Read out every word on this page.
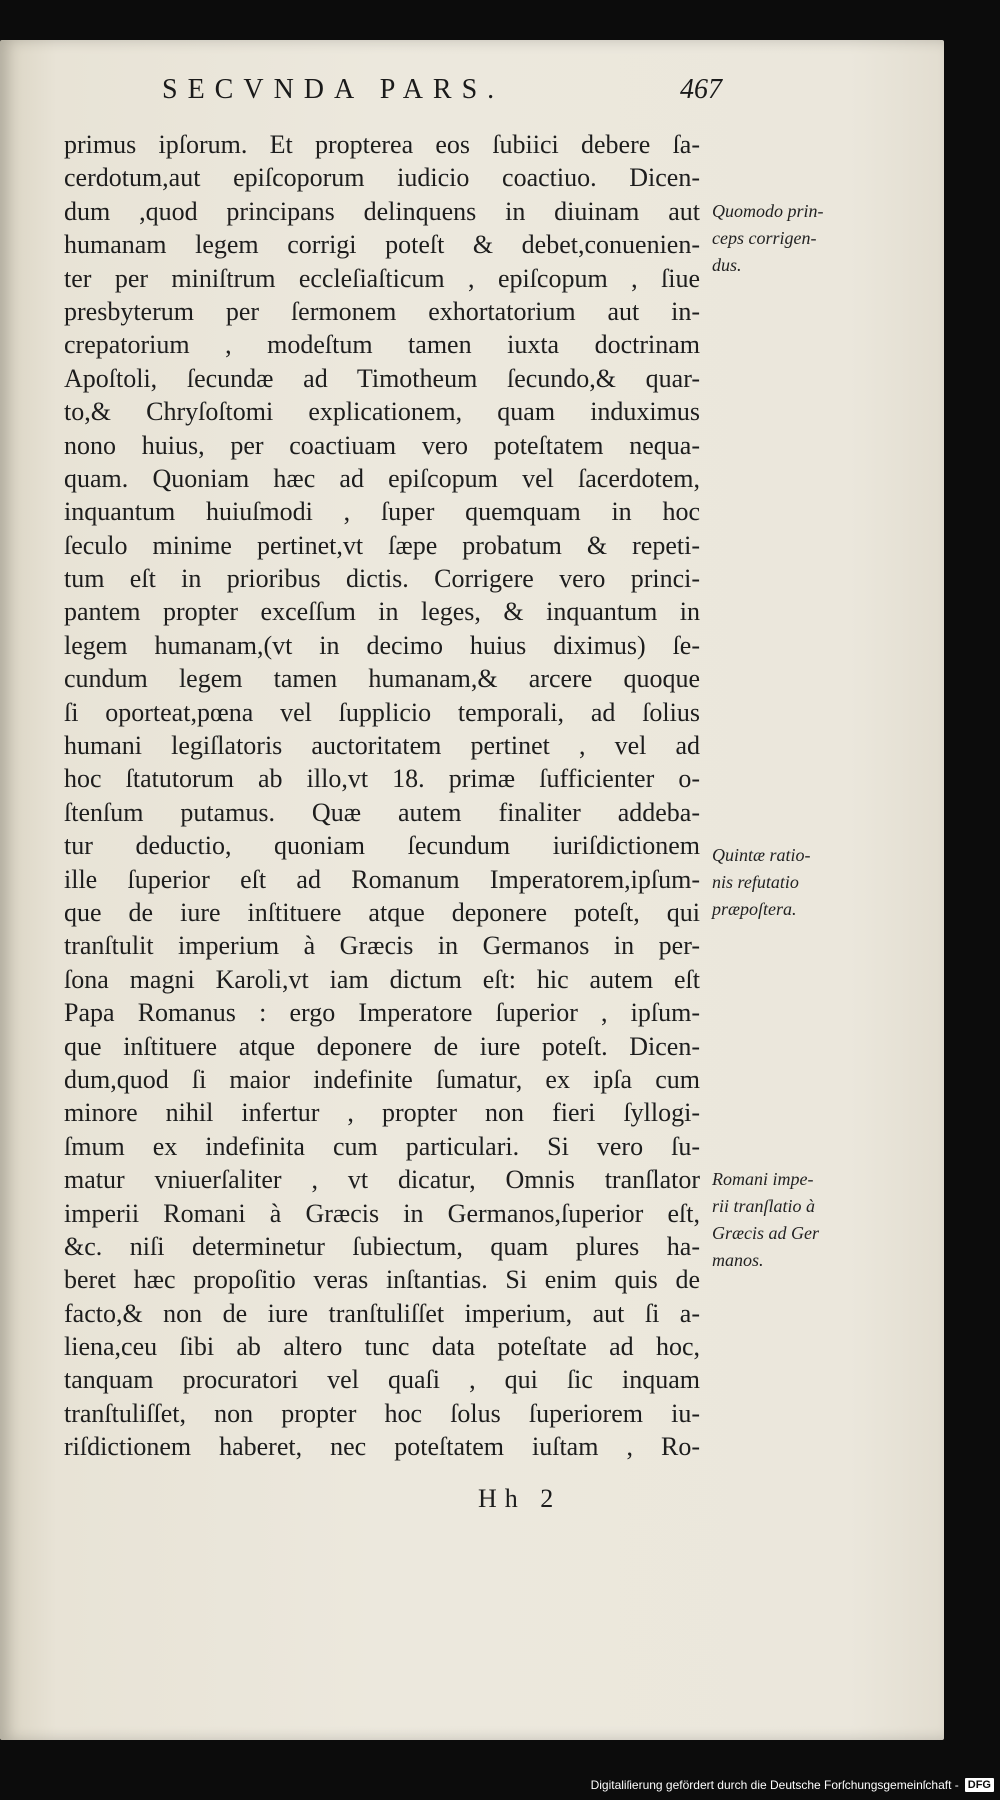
SECVNDA PARS.	467
primus ipſorum. Et propterea eos ſubiici debere ſa-
cerdotum,aut epiſcoporum iudicio coactiuo. Dicen-
dum ,quod principans delinquens in diuinam aut
humanam legem corrigi poteſt & debet,conuenien-
ter per miniſtrum eccleſiaſticum , epiſcopum , ſiue
presbyterum per ſermonem exhortatorium aut in-
crepatorium , modeſtum tamen iuxta doctrinam
Apoſtoli, ſecundæ ad Timotheum ſecundo,& quar-
to,& Chryſoſtomi explicationem, quam induximus
nono huius, per coactiuam vero poteſtatem nequa-
quam. Quoniam hæc ad epiſcopum vel ſacerdotem,
inquantum huiuſmodi , ſuper quemquam in hoc
ſeculo minime pertinet,vt ſæpe probatum & repeti-
tum eſt in prioribus dictis. Corrigere vero princi-
pantem propter exceſſum in leges, & inquantum in
legem humanam,(vt in decimo huius diximus) ſe-
cundum legem tamen humanam,& arcere quoque
ſi oporteat,pœna vel ſupplicio temporali, ad ſolius
humani legiſlatoris auctoritatem pertinet , vel ad
hoc ſtatutorum ab illo,vt 18. primæ ſufficienter o-
ſtenſum putamus. Quæ autem finaliter addeba-
tur deductio, quoniam ſecundum iuriſdictionem
ille ſuperior eſt ad Romanum Imperatorem,ipſum-
que de iure inſtituere atque deponere poteſt, qui
tranſtulit imperium à Græcis in Germanos in per-
ſona magni Karoli,vt iam dictum eſt: hic autem eſt
Papa Romanus : ergo Imperatore ſuperior , ipſum-
que inſtituere atque deponere de iure poteſt. Dicen-
dum,quod ſi maior indefinite ſumatur, ex ipſa cum
minore nihil infertur , propter non fieri ſyllogi-
ſmum ex indefinita cum particulari. Si vero ſu-
matur vniuerſaliter , vt dicatur, Omnis tranſlator
imperii Romani à Græcis in Germanos,ſuperior eſt,
&c. niſi determinetur ſubiectum, quam plures ha-
beret hæc propoſitio veras inſtantias. Si enim quis de
facto,& non de iure tranſtuliſſet imperium, aut ſi a-
liena,ceu ſibi ab altero tunc data poteſtate ad hoc,
tanquam procuratori vel quaſi , qui ſic inquam
tranſtuliſſet, non propter hoc ſolus ſuperiorem iu-
riſdictionem haberet, nec poteſtatem iuſtam , Ro-
Quomodo prin-
ceps corrigen-
dus.
Quintæ ratio-
nis refutatio
præpoſtera.
Romani impe-
rii tranſlatio à
Græcis ad Ger
manos.
Hh 2
Digitaliſierung gefördert durch die Deutsche Forſchungsgemeinſchaft - DFG
